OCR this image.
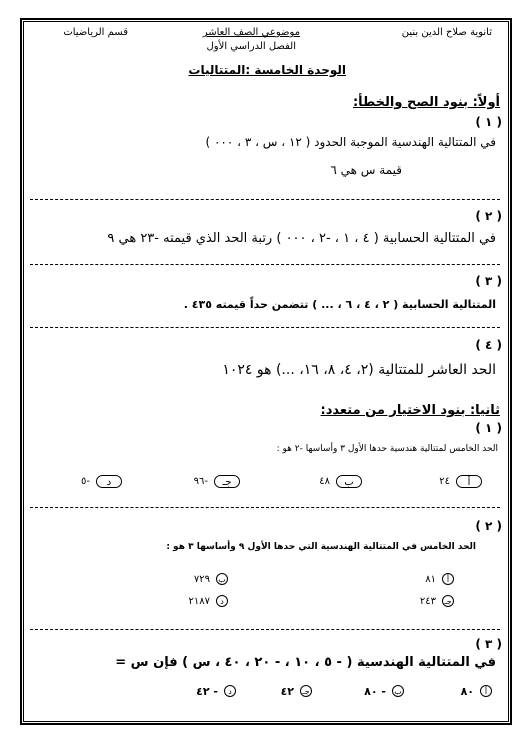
ثانوية صلاح الدين بنين
موضوعي الصف العاشر
الفصل الدراسي الأول
قسم الرياضيات
الوحدة الخامسة :المتتاليات
أولاً: بنود الصح والخطأ:
( ١ )
في المتتالية الهندسية الموجبة الحدود ( ١٢ ، س ، ٣ ، ٠٠٠ )
قيمة س هي ٦
( ٢ )
في المتتالية الحسابية ( ٤ ، ١ ، -٢ ، ٠٠٠ ) رتبة الحد الذي قيمته -٢٣ هي ٩
( ٣ )
المتتالية الحسابية ( ٢ ، ٤ ، ٦ ، ... ) تتضمن حداً قيمته ٤٣٥ .
( ٤ )
الحد العاشر للمتتالية (٢، ٤، ٨، ١٦، ...) هو ١٠٢٤
ثانيا: بنود الاختيار من متعدد:
( ١ )
الحد الخامس لمتتالية هندسية حدها الأول ٣ وأساسها -٢ هو :
أ
٢٤
ب
٤٨
جـ
-٩٦
د
-٥
( ٢ )
الحد الخامس في المتتالية الهندسية التي حدها الأول ٩ وأساسها ٣ هو :
أ
٨١
ب
٧٢٩
جـ
٢٤٣
د
٢١٨٧
( ٣ )
في المتتالية الهندسية ( - ٥ ، ١٠ ، - ٢٠ ، ٤٠ ، س ) فإن س =
أ
٨٠
ب
- ٨٠
جـ
٤٢
د
- ٤٢
